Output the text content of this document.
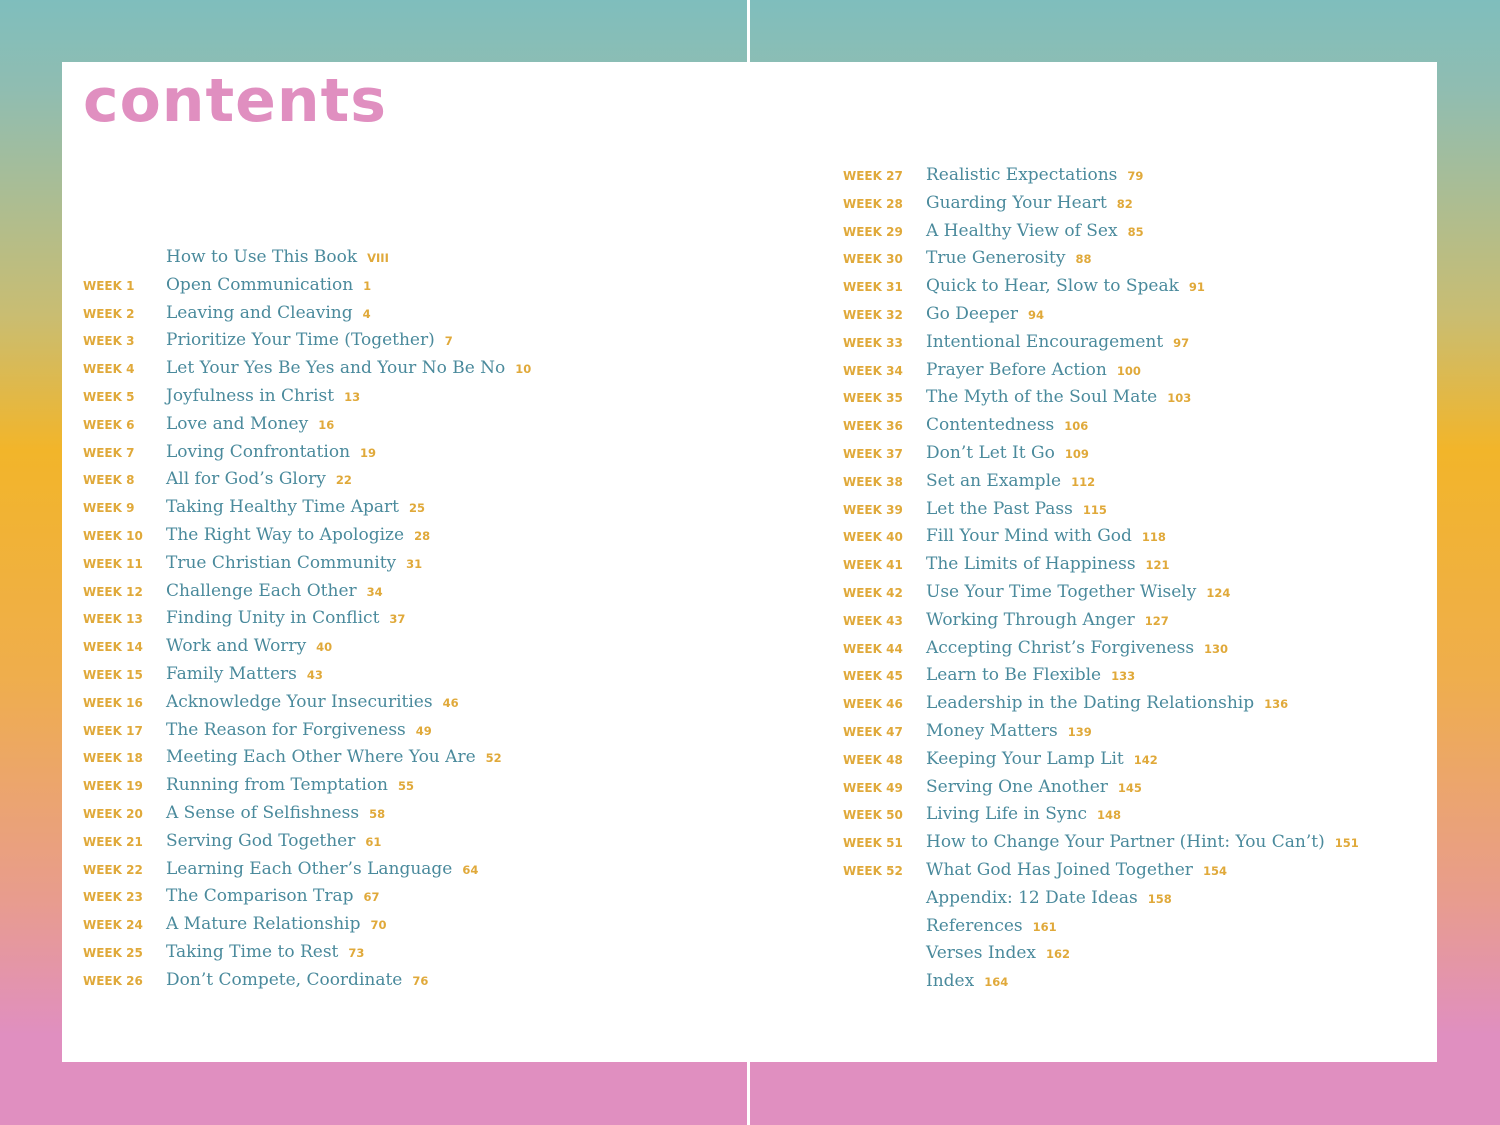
contents
How to Use This Book VIII
WEEK 1	Open Communication 1
WEEK 2	Leaving and Cleaving 4
WEEK 3	Prioritize Your Time (Together) 7
WEEK 4	Let Your Yes Be Yes and Your No Be No 10
WEEK 5	Joyfulness in Christ 13
WEEK 6	Love and Money 16
WEEK 7	Loving Confrontation 19
WEEK 8	All for God’s Glory 22
WEEK 9	Taking Healthy Time Apart 25
WEEK 10	The Right Way to Apologize 28
WEEK 11	True Christian Community 31
WEEK 12	Challenge Each Other 34
WEEK 13	Finding Unity in Conflict 37
WEEK 14	Work and Worry 40
WEEK 15	Family Matters 43
WEEK 16	Acknowledge Your Insecurities 46
WEEK 17	The Reason for Forgiveness 49
WEEK 18	Meeting Each Other Where You Are 52
WEEK 19	Running from Temptation 55
WEEK 20	A Sense of Selfishness 58
WEEK 21	Serving God Together 61
WEEK 22	Learning Each Other’s Language 64
WEEK 23	The Comparison Trap 67
WEEK 24	A Mature Relationship 70
WEEK 25	Taking Time to Rest 73
WEEK 26	Don’t Compete, Coordinate 76
WEEK 27	Realistic Expectations 79
WEEK 28	Guarding Your Heart 82
WEEK 29	A Healthy View of Sex 85
WEEK 30	True Generosity 88
WEEK 31	Quick to Hear, Slow to Speak 91
WEEK 32	Go Deeper 94
WEEK 33	Intentional Encouragement 97
WEEK 34	Prayer Before Action 100
WEEK 35	The Myth of the Soul Mate 103
WEEK 36	Contentedness 106
WEEK 37	Don’t Let It Go 109
WEEK 38	Set an Example 112
WEEK 39	Let the Past Pass 115
WEEK 40	Fill Your Mind with God 118
WEEK 41	The Limits of Happiness 121
WEEK 42	Use Your Time Together Wisely 124
WEEK 43	Working Through Anger 127
WEEK 44	Accepting Christ’s Forgiveness 130
WEEK 45	Learn to Be Flexible 133
WEEK 46	Leadership in the Dating Relationship 136
WEEK 47	Money Matters 139
WEEK 48	Keeping Your Lamp Lit 142
WEEK 49	Serving One Another 145
WEEK 50	Living Life in Sync 148
WEEK 51	How to Change Your Partner (Hint: You Can’t) 151
WEEK 52	What God Has Joined Together 154
Appendix: 12 Date Ideas 158
References 161
Verses Index 162
Index 164
